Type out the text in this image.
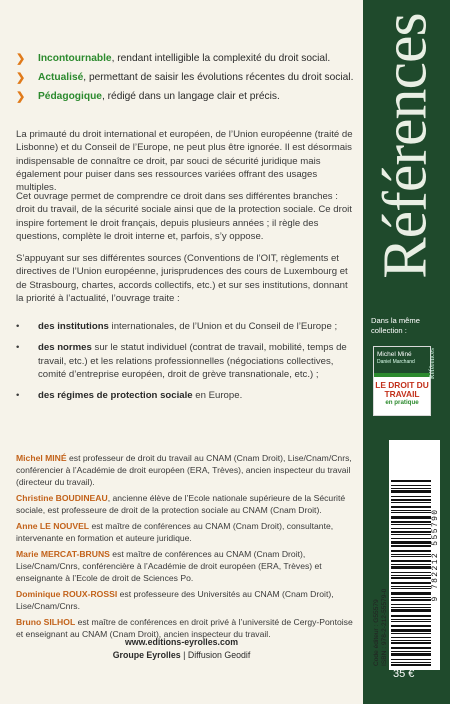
❯	Incontournable, rendant intelligible la complexité du droit social.
❯	Actualisé, permettant de saisir les évolutions récentes du droit social.
❯	Pédagogique, rédigé dans un langage clair et précis.

La primauté du droit international et européen, de l’Union européenne (traité de Lisbonne) et du Conseil de l’Europe, ne peut plus être ignorée. Il est désormais indispensable de connaître ce droit, par souci de sécurité juridique mais également pour puiser dans ses ressources variées offrant des usages multiples.

Cet ouvrage permet de comprendre ce droit dans ses différentes branches : droit du travail, de la sécurité sociale ainsi que de la protection sociale. Ce droit inspire fortement le droit français, depuis plusieurs années ; il règle des questions, complète le droit interne et, parfois, s’y oppose.

S’appuyant sur ses différentes sources (Conventions de l’OIT, règlements et directives de l’Union européenne, jurisprudences des cours de Luxembourg et de Strasbourg, chartes, accords collectifs, etc.) et sur ses institutions, donnant la priorité à l’actualité, l’ouvrage traite :

•	des institutions internationales, de l’Union et du Conseil de l’Europe ;
•	des normes sur le statut individuel (contrat de travail, mobilité, temps de travail, etc.) et les relations professionnelles (négociations collectives, comité d’entreprise européen, droit de grève transnationale, etc.) ;
•	des régimes de protection sociale en Europe.

Michel MINÉ est professeur de droit du travail au CNAM (Cnam Droit), Lise/Cnam/Cnrs, conférencier à l’Académie de droit européen (ERA, Trèves), ancien inspecteur du travail (directeur du travail).

Christine BOUDINEAU, ancienne élève de l’Ecole nationale supérieure de la Sécurité sociale, est professeure de droit de la protection sociale au CNAM (Cnam Droit).

Anne LE NOUVEL est maître de conférences au CNAM (Cnam Droit), consultante, intervenante en formation et auteure juridique.

Marie MERCAT-BRUNS est maître de conférences au CNAM (Cnam Droit), Lise/Cnam/Cnrs, conférencière à l’Académie de droit européen (ERA, Trèves) et enseignante à l’Ecole de droit de Sciences Po.

Dominique ROUX-ROSSI est professeure des Universités au CNAM (Cnam Droit), Lise/Cnam/Cnrs.

Bruno SILHOL est maître de conférences en droit privé à l’université de Cergy-Pontoise et enseignant au CNAM (Cnam Droit), ancien inspecteur du travail.

www.editions-eyrolles.com
Groupe Eyrolles | Diffusion Geodif
Références
Dans la même collection :
Michel Miné
Daniel Marchand Références
LE DROIT DU TRAVAIL
en pratique
Code éditeur : G55579 ISBN : 978-2-212-55579-0
9 782212 555790
35 €
